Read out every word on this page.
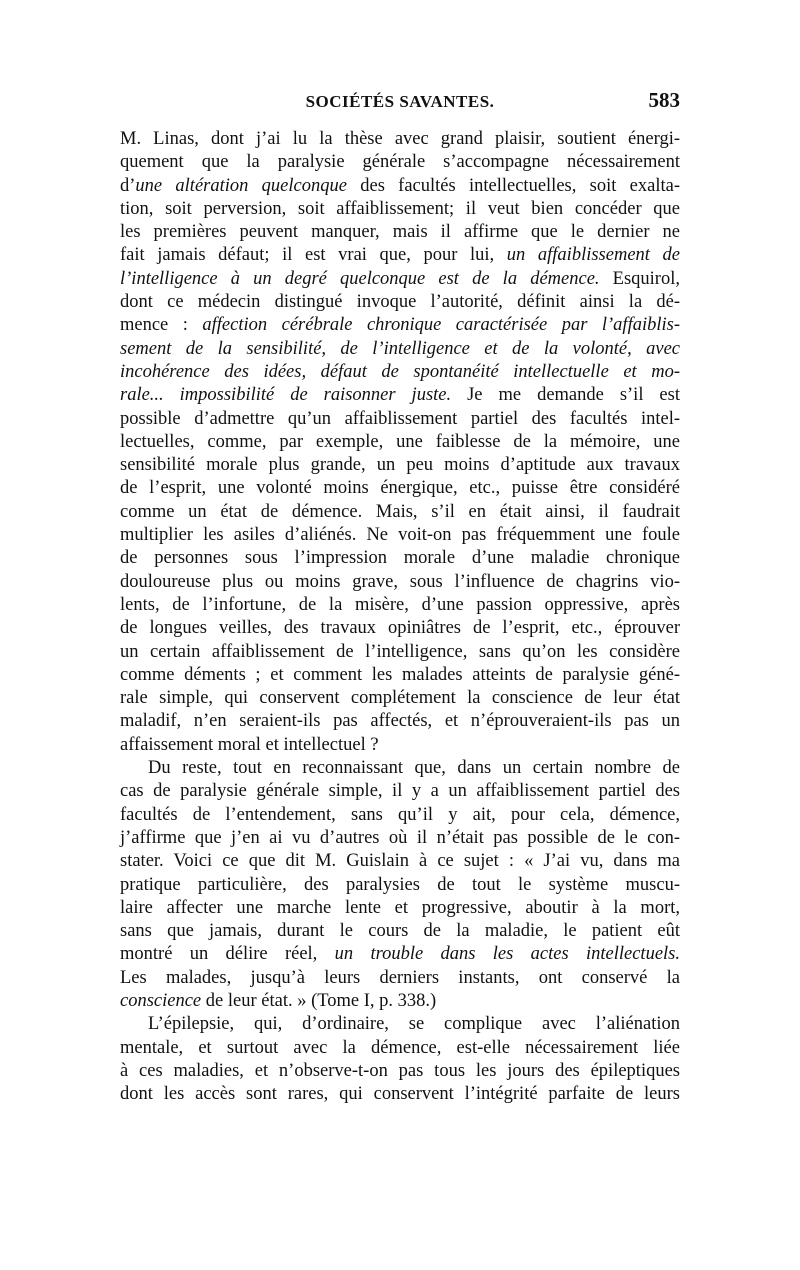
SOCIÉTÉS SAVANTES.	583
M. Linas, dont j’ai lu la thèse avec grand plaisir, soutient énergi-
quement que la paralysie générale s’accompagne nécessairement
d’une altération quelconque des facultés intellectuelles, soit exalta-
tion, soit perversion, soit affaiblissement; il veut bien concéder que
les premières peuvent manquer, mais il affirme que le dernier ne
fait jamais défaut; il est vrai que, pour lui, un affaiblissement de
l’intelligence à un degré quelconque est de la démence. Esquirol,
dont ce médecin distingué invoque l’autorité, définit ainsi la dé-
mence : affection cérébrale chronique caractérisée par l’affaiblis-
sement de la sensibilité, de l’intelligence et de la volonté, avec
incohérence des idées, défaut de spontanéité intellectuelle et mo-
rale... impossibilité de raisonner juste. Je me demande s’il est
possible d’admettre qu’un affaiblissement partiel des facultés intel-
lectuelles, comme, par exemple, une faiblesse de la mémoire, une
sensibilité morale plus grande, un peu moins d’aptitude aux travaux
de l’esprit, une volonté moins énergique, etc., puisse être considéré
comme un état de démence. Mais, s’il en était ainsi, il faudrait
multiplier les asiles d’aliénés. Ne voit-on pas fréquemment une foule
de personnes sous l’impression morale d’une maladie chronique
douloureuse plus ou moins grave, sous l’influence de chagrins vio-
lents, de l’infortune, de la misère, d’une passion oppressive, après
de longues veilles, des travaux opiniâtres de l’esprit, etc., éprouver
un certain affaiblissement de l’intelligence, sans qu’on les considère
comme déments ; et comment les malades atteints de paralysie géné-
rale simple, qui conservent complétement la conscience de leur état
maladif, n’en seraient-ils pas affectés, et n’éprouveraient-ils pas un
affaissement moral et intellectuel ?
Du reste, tout en reconnaissant que, dans un certain nombre de
cas de paralysie générale simple, il y a un affaiblissement partiel des
facultés de l’entendement, sans qu’il y ait, pour cela, démence,
j’affirme que j’en ai vu d’autres où il n’était pas possible de le con-
stater. Voici ce que dit M. Guislain à ce sujet : « J’ai vu, dans ma
pratique particulière, des paralysies de tout le système muscu-
laire affecter une marche lente et progressive, aboutir à la mort,
sans que jamais, durant le cours de la maladie, le patient eût
montré un délire réel, un trouble dans les actes intellectuels.
Les malades, jusqu’à leurs derniers instants, ont conservé la
conscience de leur état. » (Tome I, p. 338.)
L’épilepsie, qui, d’ordinaire, se complique avec l’aliénation
mentale, et surtout avec la démence, est-elle nécessairement liée
à ces maladies, et n’observe-t-on pas tous les jours des épileptiques
dont les accès sont rares, qui conservent l’intégrité parfaite de leurs
